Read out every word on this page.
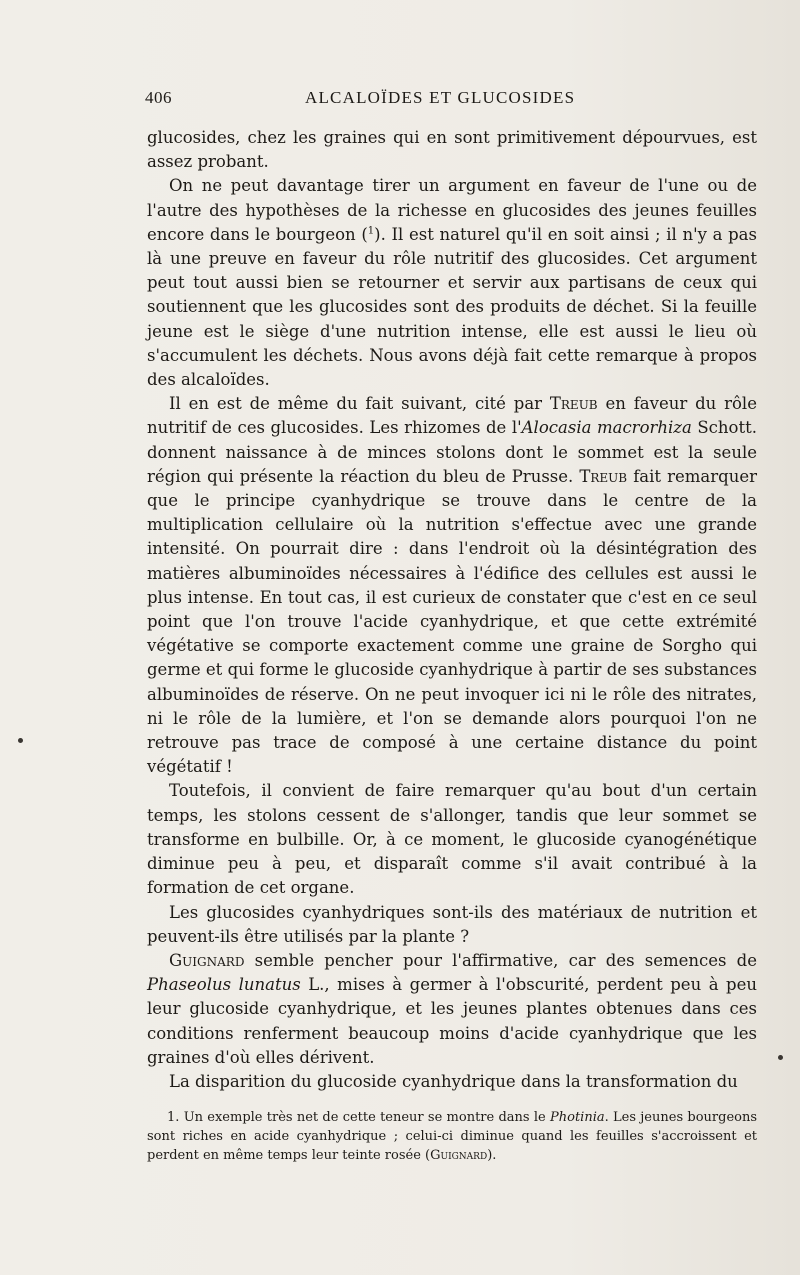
406	ALCALOÏDES ET GLUCOSIDES

glucosides, chez les graines qui en sont primitivement dépourvues, est assez probant.

On ne peut davantage tirer un argument en faveur de l'une ou de l'autre des hypothèses de la richesse en glucosides des jeunes feuilles encore dans le bourgeon ($^1$). Il est naturel qu'il en soit ainsi ; il n'y a pas là une preuve en faveur du rôle nutritif des glucosides. Cet argument peut tout aussi bien se retourner et servir aux partisans de ceux qui soutiennent que les glucosides sont des produits de déchet. Si la feuille jeune est le siège d'une nutrition intense, elle est aussi le lieu où s'accumulent les déchets. Nous avons déjà fait cette remarque à propos des alcaloïdes.

Il en est de même du fait suivant, cité par Treub en faveur du rôle nutritif de ces glucosides. Les rhizomes de l'Alocasia macrorhiza Schott. donnent naissance à de minces stolons dont le sommet est la seule région qui présente la réaction du bleu de Prusse. Treub fait remarquer que le principe cyanhydrique se trouve dans le centre de la multiplication cellulaire où la nutrition s'effectue avec une grande intensité. On pourrait dire : dans l'endroit où la désintégration des matières albuminoïdes nécessaires à l'édifice des cellules est aussi le plus intense. En tout cas, il est curieux de constater que c'est en ce seul point que l'on trouve l'acide cyanhydrique, et que cette extrémité végétative se comporte exactement comme une graine de Sorgho qui germe et qui forme le glucoside cyanhydrique à partir de ses substances albuminoïdes de réserve. On ne peut invoquer ici ni le rôle des nitrates, ni le rôle de la lumière, et l'on se demande alors pourquoi l'on ne retrouve pas trace de composé à une certaine distance du point végétatif !

Toutefois, il convient de faire remarquer qu'au bout d'un certain temps, les stolons cessent de s'allonger, tandis que leur sommet se transforme en bulbille. Or, à ce moment, le glucoside cyanogénétique diminue peu à peu, et disparaît comme s'il avait contribué à la formation de cet organe.

Les glucosides cyanhydriques sont-ils des matériaux de nutrition et peuvent-ils être utilisés par la plante ?

Guignard semble pencher pour l'affirmative, car des semences de Phaseolus lunatus L., mises à germer à l'obscurité, perdent peu à peu leur glucoside cyanhydrique, et les jeunes plantes obtenues dans ces conditions renferment beaucoup moins d'acide cyanhydrique que les graines d'où elles dérivent.

La disparition du glucoside cyanhydrique dans la transformation du

1. Un exemple très net de cette teneur se montre dans le Photinia. Les jeunes bourgeons sont riches en acide cyanhydrique ; celui-ci diminue quand les feuilles s'accroissent et perdent en même temps leur teinte rosée (Guignard).
